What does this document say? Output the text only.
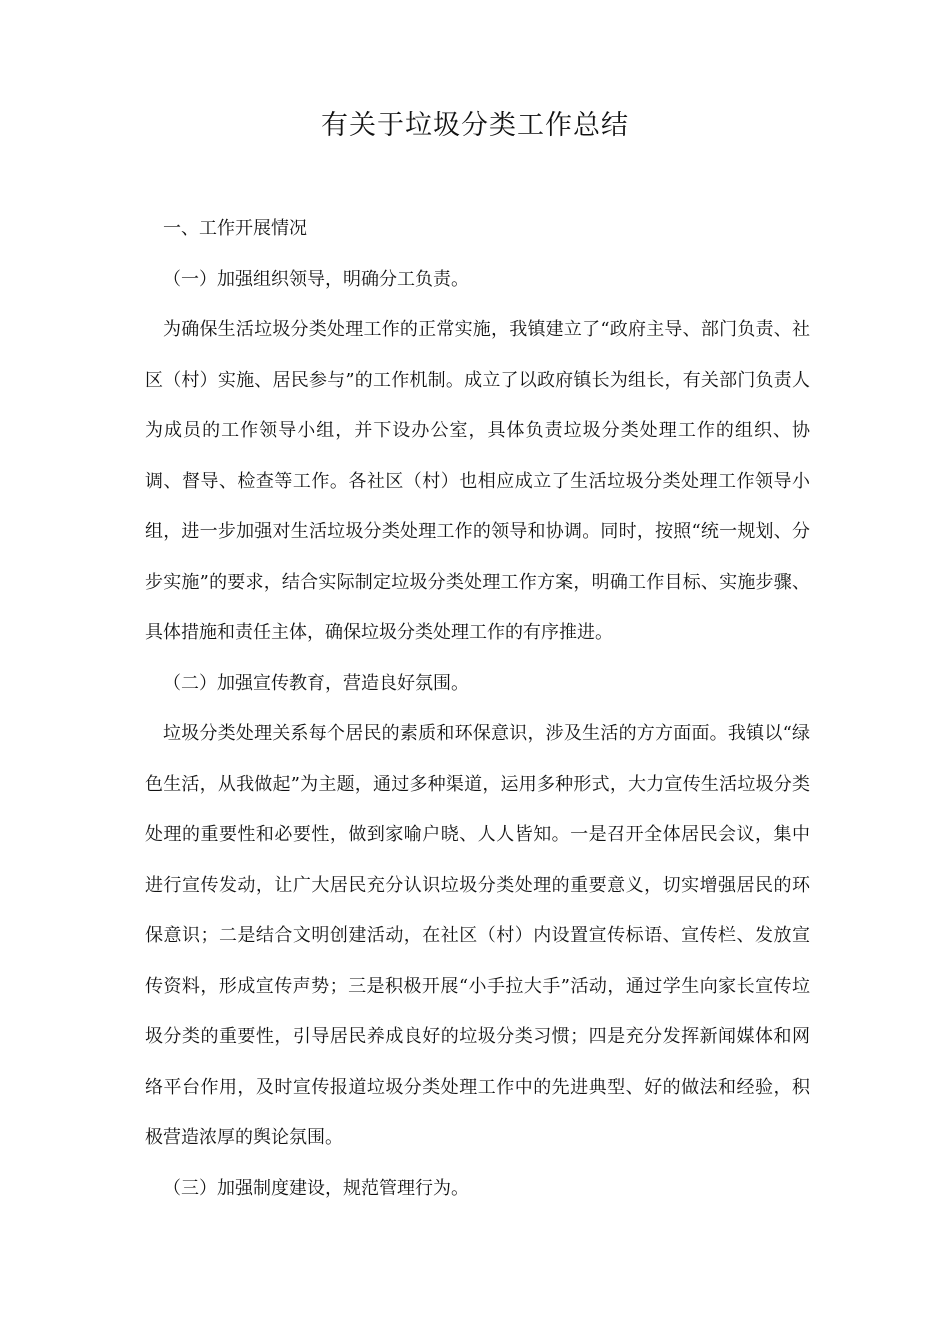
有关于垃圾分类工作总结

一、工作开展情况

（一）加强组织领导，明确分工负责。

为确保生活垃圾分类处理工作的正常实施，我镇建立了“政府主导、部门负责、社区（村）实施、居民参与”的工作机制。成立了以政府镇长为组长，有关部门负责人为成员的工作领导小组，并下设办公室，具体负责垃圾分类处理工作的组织、协调、督导、检查等工作。各社区（村）也相应成立了生活垃圾分类处理工作领导小组，进一步加强对生活垃圾分类处理工作的领导和协调。同时，按照“统一规划、分步实施”的要求，结合实际制定垃圾分类处理工作方案，明确工作目标、实施步骤、具体措施和责任主体，确保垃圾分类处理工作的有序推进。

（二）加强宣传教育，营造良好氛围。

垃圾分类处理关系每个居民的素质和环保意识，涉及生活的方方面面。我镇以“绿色生活，从我做起”为主题，通过多种渠道，运用多种形式，大力宣传生活垃圾分类处理的重要性和必要性，做到家喻户晓、人人皆知。一是召开全体居民会议，集中进行宣传发动，让广大居民充分认识垃圾分类处理的重要意义，切实增强居民的环保意识；二是结合文明创建活动，在社区（村）内设置宣传标语、宣传栏、发放宣传资料，形成宣传声势；三是积极开展“小手拉大手”活动，通过学生向家长宣传垃圾分类的重要性，引导居民养成良好的垃圾分类习惯；四是充分发挥新闻媒体和网络平台作用，及时宣传报道垃圾分类处理工作中的先进典型、好的做法和经验，积极营造浓厚的舆论氛围。

（三）加强制度建设，规范管理行为。
